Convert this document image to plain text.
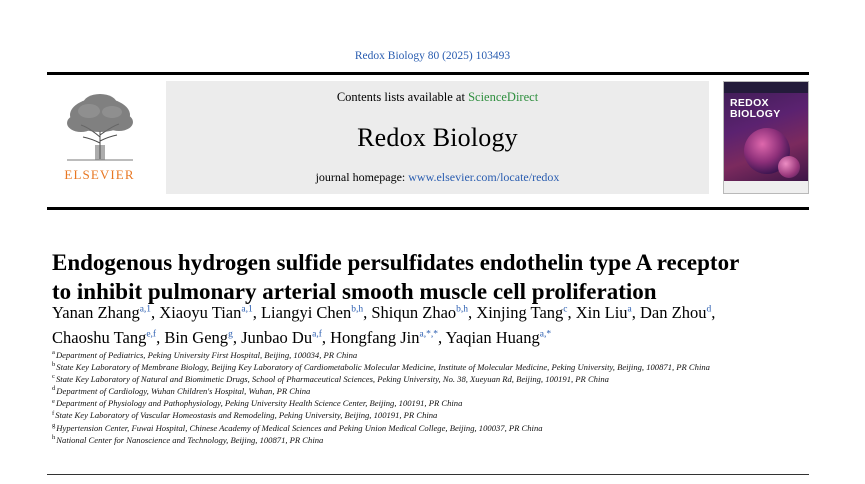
Redox Biology 80 (2025) 103493
ELSEVIER
Contents lists available at ScienceDirect
Redox Biology
journal homepage: www.elsevier.com/locate/redox
REDOX
BIOLOGY
Endogenous hydrogen sulfide persulfidates endothelin type A receptor to inhibit pulmonary arterial smooth muscle cell proliferation
Yanan Zhang$^{a,1}$, Xiaoyu Tian$^{a,1}$, Liangyi Chen$^{b,h}$, Shiqun Zhao$^{b,h}$, Xinjing Tang$^c$, Xin Liu$^a$, Dan Zhou$^d$, Chaoshu Tang$^{e,f}$, Bin Geng$^g$, Junbao Du$^{a,f}$, Hongfang Jin$^{a,*,*}$, Yaqian Huang$^{a,*}$

$^a$Department of Pediatrics, Peking University First Hospital, Beijing, 100034, PR China

$^b$State Key Laboratory of Membrane Biology, Beijing Key Laboratory of Cardiometabolic Molecular Medicine, Institute of Molecular Medicine, Peking University, Beijing, 100871, PR China

$^c$State Key Laboratory of Natural and Biomimetic Drugs, School of Pharmaceutical Sciences, Peking University, No. 38, Xueyuan Rd, Beijing, 100191, PR China

$^d$Department of Cardiology, Wuhan Children's Hospital, Wuhan, PR China

$^e$Department of Physiology and Pathophysiology, Peking University Health Science Center, Beijing, 100191, PR China

$^f$State Key Laboratory of Vascular Homeostasis and Remodeling, Peking University, Beijing, 100191, PR China

$^g$Hypertension Center, Fuwai Hospital, Chinese Academy of Medical Sciences and Peking Union Medical College, Beijing, 100037, PR China

$^h$National Center for Nanoscience and Technology, Beijing, 100871, PR China
